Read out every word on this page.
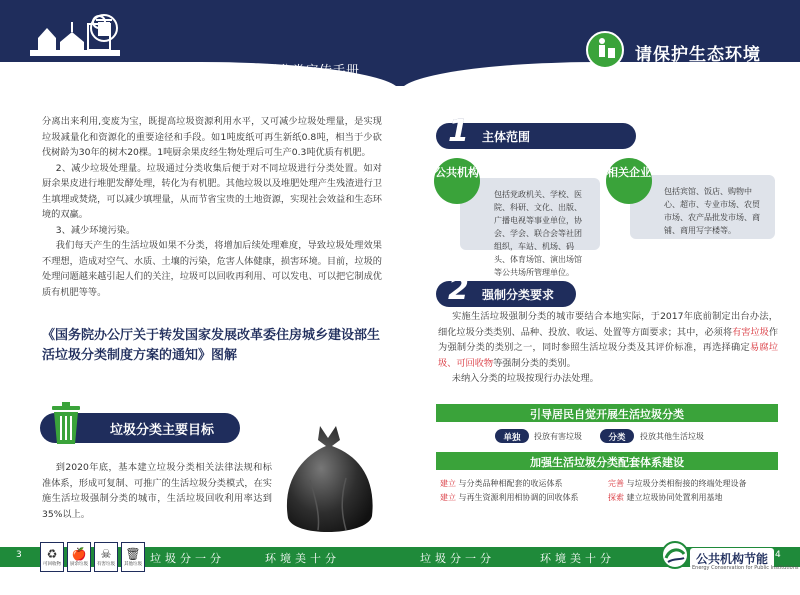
安徽省公共机构生活垃圾分类宣传手册
请保护生态环境

分离出来利用,变废为宝，既提高垃圾资源利用水平，又可减少垃圾处理量，是实现垃圾减量化和资源化的重要途径和手段。如1吨废纸可再生新纸0.8吨，相当于少砍伐树龄为30年的树木20棵。1吨厨余果皮经生物处理后可生产0.3吨优质有机肥。

2、减少垃圾处理量。垃圾通过分类收集后便于对不同垃圾进行分类处置。如对厨余果皮进行堆肥发酵处理，转化为有机肥。其他垃圾以及堆肥处理产生残渣进行卫生填埋或焚烧，可以减少填埋量，从而节省宝贵的土地资源，实现社会效益和生态环境的双赢。

3、减少环境污染。

我们每天产生的生活垃圾如果不分类，将增加后续处理难度，导致垃圾处理效果不理想，造成对空气、水质、土壤的污染，危害人体健康，损害环境。目前，垃圾的处理问题越来越引起人们的关注，垃圾可以回收再利用、可以发电、可以把它制成优质有机肥等等。

《国务院办公厅关于转发国家发展改革委住房城乡建设部生活垃圾分类制度方案的通知》图解
垃圾分类主要目标
到2020年底，基本建立垃圾分类相关法律法规和标准体系，形成可复制、可推广的生活垃圾分类模式，在实施生活垃圾强制分类的城市，生活垃圾回收利用率达到35%以上。
主体范围
1
包括党政机关、学校、医院、科研、文化、出版、广播电视等事业单位，协会、学会、联合会等社团组织，车站、机场、码头、体育场馆、演出场馆等公共场所管理单位。
公共机构
包括宾馆、饭店、购物中心、超市、专业市场、农贸市场、农产品批发市场、商铺、商用写字楼等。
相关企业
强制分类要求
2
实施生活垃圾强制分类的城市要结合本地实际，于2017年底前制定出台办法，细化垃圾分类类别、品种、投放、收运、处置等方面要求；其中，必须将有害垃圾作为强制分类的类别之一，同时参照生活垃圾分类及其评价标准，再选择确定易腐垃圾、可回收物等强制分类的类别。
未纳入分类的垃圾按现行办法处理。
引导居民自觉开展生活垃圾分类
单独	投放有害垃圾	分类	投放其他生活垃圾
加强生活垃圾分类配套体系建设
建立 与分类品种相配套的收运体系
建立 与再生资源利用相协调的回收体系
完善 与垃圾分类相衔接的终端处理设备
探索 建立垃圾协同处置利用基地
3	4
♻
可回收物
🍎
厨余垃圾
☠
有害垃圾
🗑
其他垃圾 垃圾分一分	环境美十分	垃圾分一分	环境美十分	公共机构节能
Energy Conservation for Public Institutions
